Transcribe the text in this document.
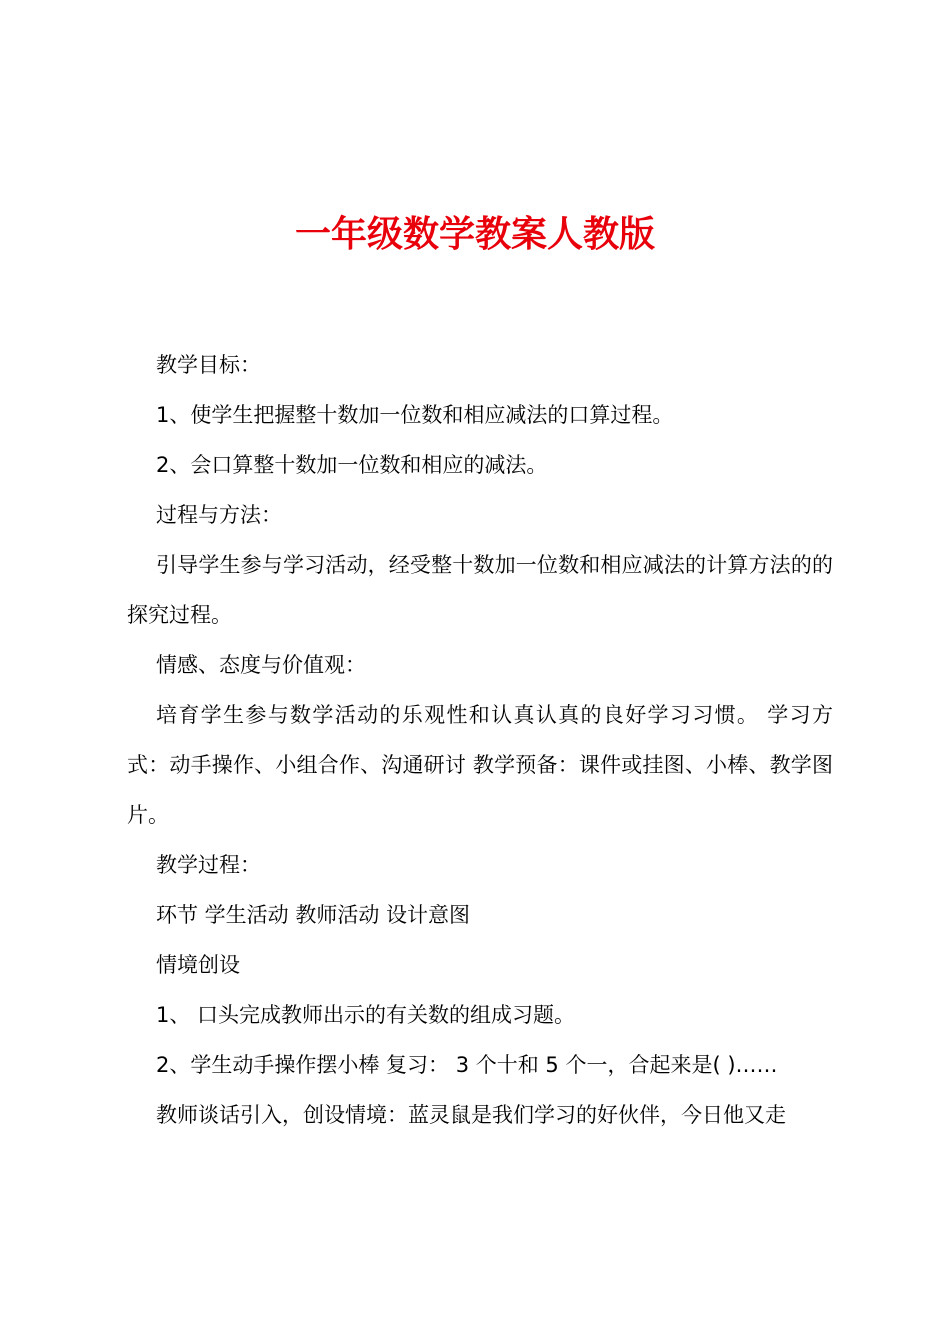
一年级数学教案人教版

教学目标：

1、使学生把握整十数加一位数和相应减法的口算过程。

2、会口算整十数加一位数和相应的减法。

过程与方法：

引导学生参与学习活动，经受整十数加一位数和相应减法的计算方法的的探究过程。

情感、态度与价值观：

培育学生参与数学活动的乐观性和认真认真的良好学习习惯。 学习方式：动手操作、小组合作、沟通研讨 教学预备：课件或挂图、小棒、教学图片。

教学过程：

环节 学生活动 教师活动 设计意图

情境创设

1、 口头完成教师出示的有关数的组成习题。

2、学生动手操作摆小棒 复习： 3 个十和 5 个一，合起来是( )……

教师谈话引入，创设情境：蓝灵鼠是我们学习的好伙伴，今日他又走
